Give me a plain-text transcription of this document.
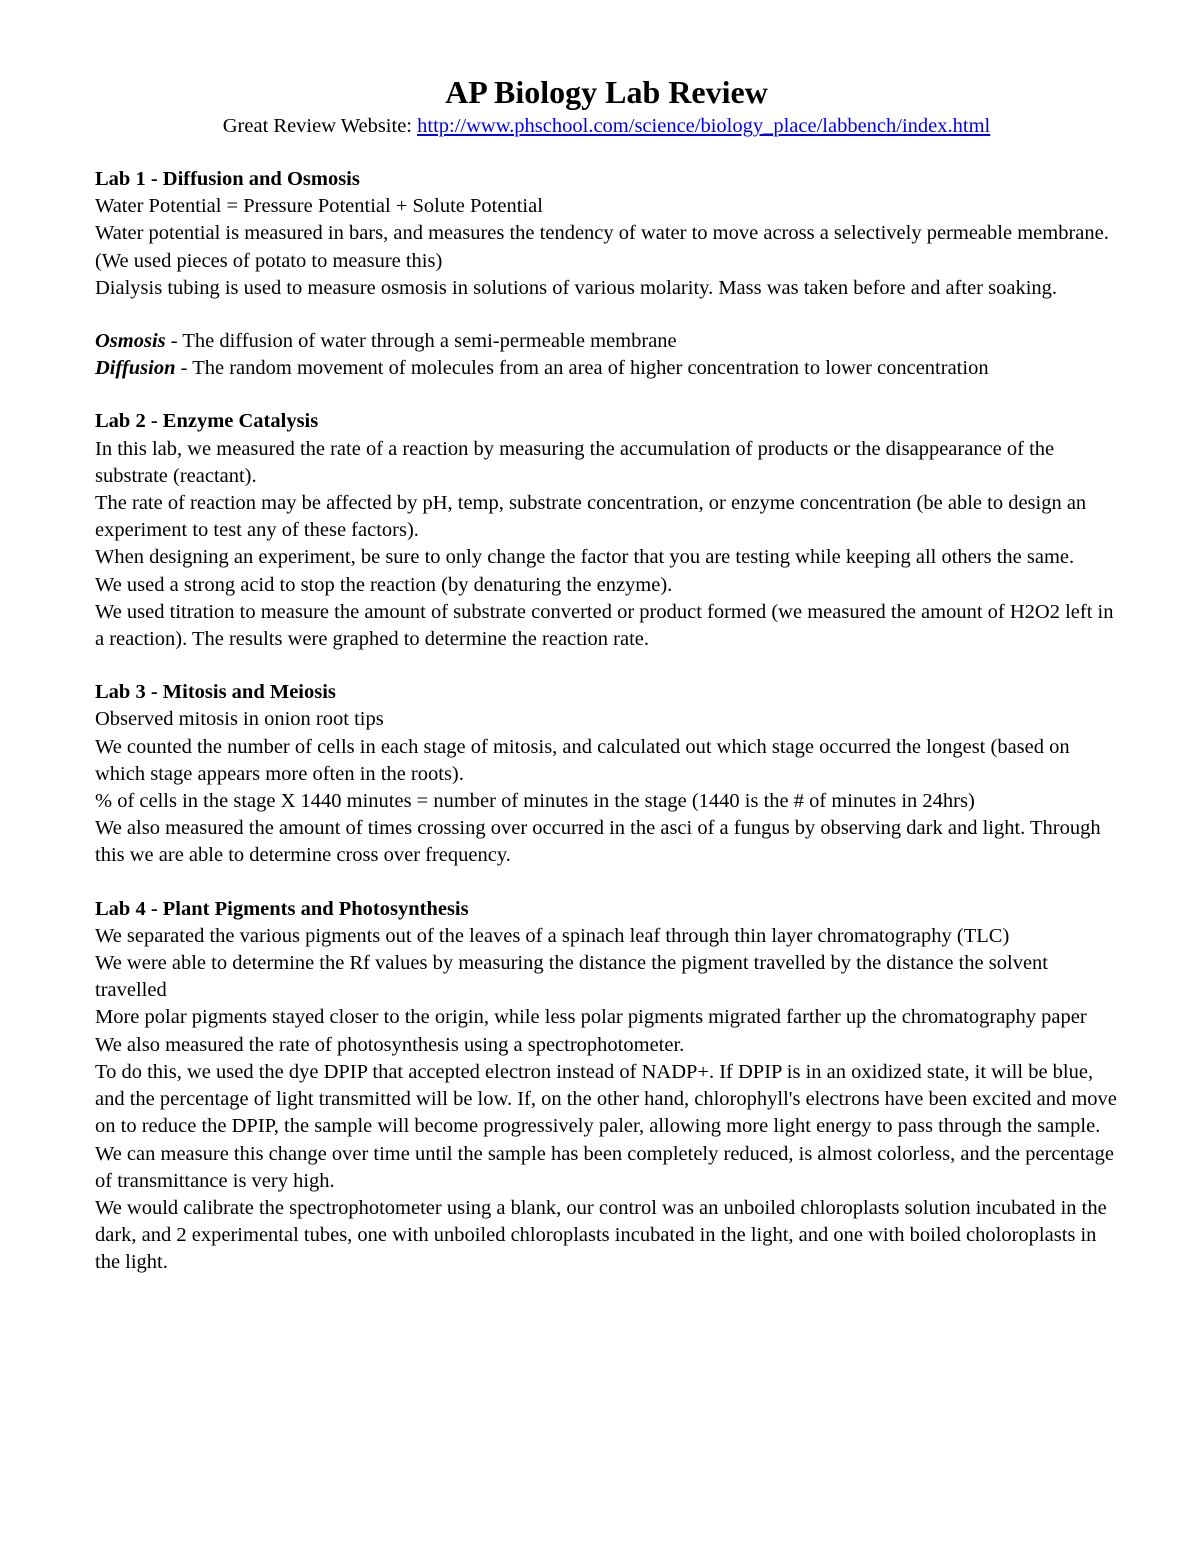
AP Biology Lab Review

Great Review Website: http://www.phschool.com/science/biology_place/labbench/index.html

Lab 1 - Diffusion and Osmosis

Water Potential = Pressure Potential + Solute Potential

Water potential is measured in bars, and measures the tendency of water to move across a selectively permeable membrane. (We used pieces of potato to measure this)

Dialysis tubing is used to measure osmosis in solutions of various molarity. Mass was taken before and after soaking.

Osmosis - The diffusion of water through a semi-permeable membrane

Diffusion - The random movement of molecules from an area of higher concentration to lower concentration

Lab 2 - Enzyme Catalysis

In this lab, we measured the rate of a reaction by measuring the accumulation of products or the disappearance of the substrate (reactant).

The rate of reaction may be affected by pH, temp, substrate concentration, or enzyme concentration (be able to design an experiment to test any of these factors).

When designing an experiment, be sure to only change the factor that you are testing while keeping all others the same.

We used a strong acid to stop the reaction (by denaturing the enzyme).

We used titration to measure the amount of substrate converted or product formed (we measured the amount of H2O2 left in a reaction). The results were graphed to determine the reaction rate.

Lab 3 - Mitosis and Meiosis

Observed mitosis in onion root tips

We counted the number of cells in each stage of mitosis, and calculated out which stage occurred the longest (based on which stage appears more often in the roots).

% of cells in the stage X 1440 minutes = number of minutes in the stage (1440 is the # of minutes in 24hrs)

We also measured the amount of times crossing over occurred in the asci of a fungus by observing dark and light. Through this we are able to determine cross over frequency.

Lab 4 - Plant Pigments and Photosynthesis

We separated the various pigments out of the leaves of a spinach leaf through thin layer chromatography (TLC)

We were able to determine the Rf values by measuring the distance the pigment travelled by the distance the solvent travelled

More polar pigments stayed closer to the origin, while less polar pigments migrated farther up the chromatography paper

We also measured the rate of photosynthesis using a spectrophotometer.

To do this, we used the dye DPIP that accepted electron instead of NADP+. If DPIP is in an oxidized state, it will be blue, and the percentage of light transmitted will be low. If, on the other hand, chlorophyll's electrons have been excited and move on to reduce the DPIP, the sample will become progressively paler, allowing more light energy to pass through the sample. We can measure this change over time until the sample has been completely reduced, is almost colorless, and the percentage of transmittance is very high.

We would calibrate the spectrophotometer using a blank, our control was an unboiled chloroplasts solution incubated in the dark, and 2 experimental tubes, one with unboiled chloroplasts incubated in the light, and one with boiled choloroplasts in the light.
